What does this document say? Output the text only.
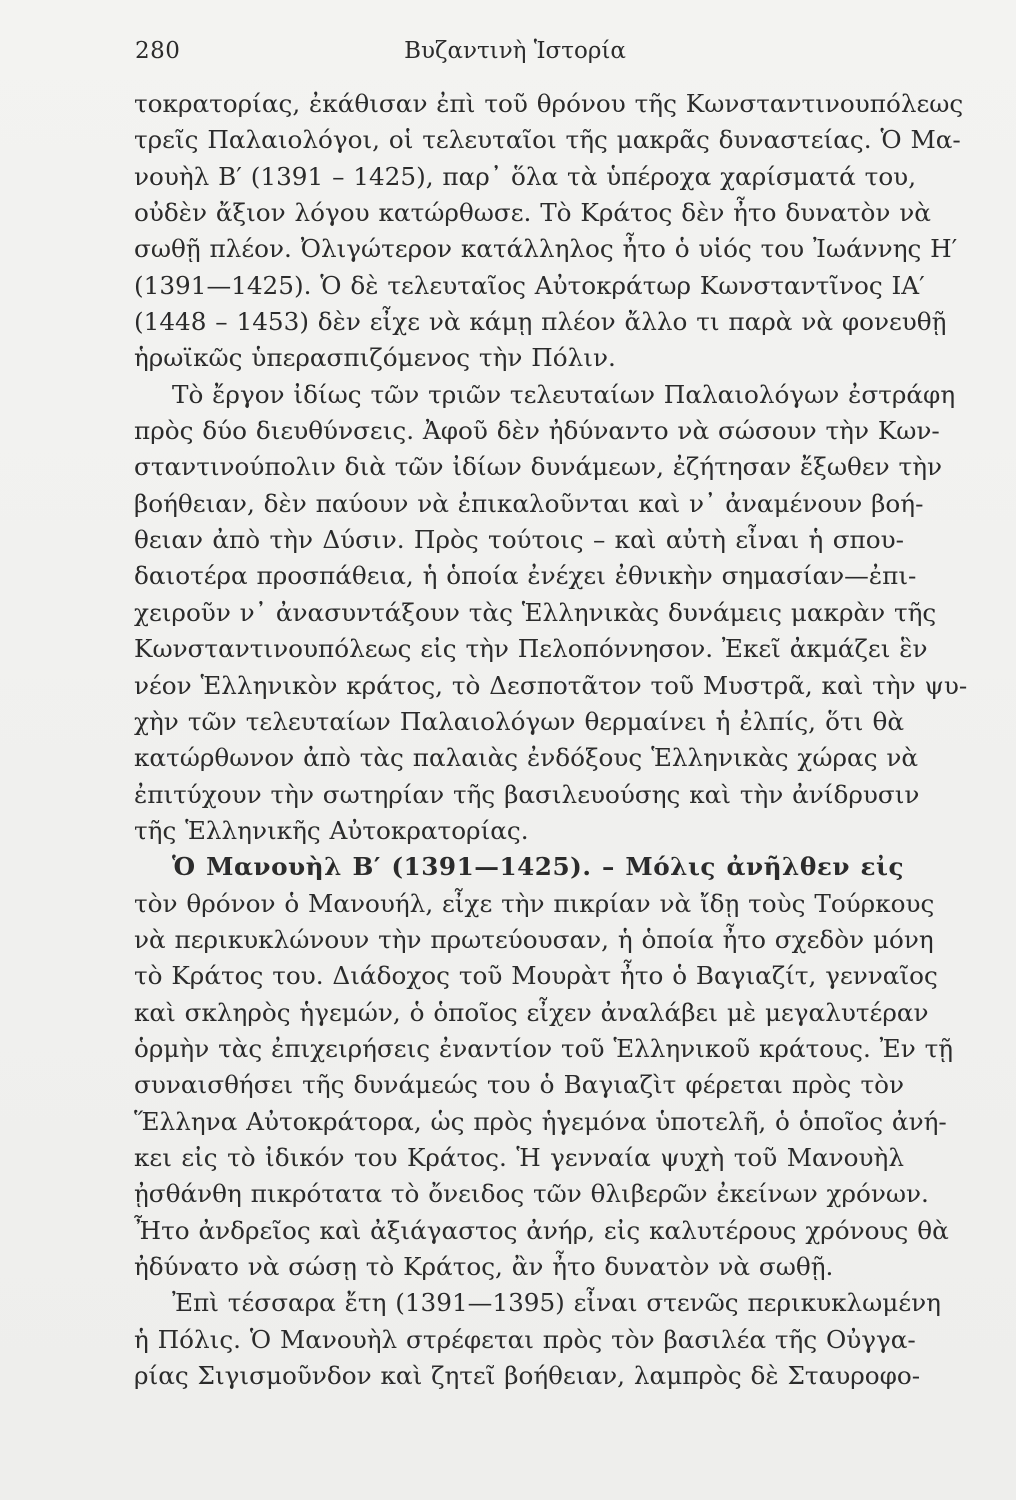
280	Βυζαντινὴ Ἱστορία
τοκρατορίας, ἐκάθισαν ἐπὶ τοῦ θρόνου τῆς Κωνσταντινουπόλεως
τρεῖς Παλαιολόγοι, οἱ τελευταῖοι τῆς μακρᾶς δυναστείας. Ὁ Μα-
νουὴλ Β′ (1391 – 1425), παρ᾽ ὅλα τὰ ὑπέροχα χαρίσματά του,
οὐδὲν ἄξιον λόγου κατώρθωσε. Τὸ Κράτος δὲν ἦτο δυνατὸν νὰ
σωθῇ πλέον. Ὀλιγώτερον κατάλληλος ἦτο ὁ υἱός του Ἰωάννης Η′
(1391—1425). Ὁ δὲ τελευταῖος Αὐτοκράτωρ Κωνσταντῖνος ΙΑ′
(1448 – 1453) δὲν εἶχε νὰ κάμῃ πλέον ἄλλο τι παρὰ νὰ φονευθῇ
ἡρωϊκῶς ὑπερασπιζόμενος τὴν Πόλιν.
Τὸ ἔργον ἰδίως τῶν τριῶν τελευταίων Παλαιολόγων ἐστράφη
πρὸς δύο διευθύνσεις. Ἀφοῦ δὲν ἠδύναντο νὰ σώσουν τὴν Κων-
σταντινούπολιν διὰ τῶν ἰδίων δυνάμεων, ἐζήτησαν ἔξωθεν τὴν
βοήθειαν, δὲν παύουν νὰ ἐπικαλοῦνται καὶ ν᾽ ἀναμένουν βοή-
θειαν ἀπὸ τὴν Δύσιν. Πρὸς τούτοις – καὶ αὐτὴ εἶναι ἡ σπου-
δαιοτέρα προσπάθεια, ἡ ὁποία ἐνέχει ἐθνικὴν σημασίαν—ἐπι-
χειροῦν ν᾽ ἀνασυντάξουν τὰς Ἑλληνικὰς δυνάμεις μακρὰν τῆς
Κωνσταντινουπόλεως εἰς τὴν Πελοπόννησον. Ἐκεῖ ἀκμάζει ἓν
νέον Ἑλληνικὸν κράτος, τὸ Δεσποτᾶτον τοῦ Μυστρᾶ, καὶ τὴν ψυ-
χὴν τῶν τελευταίων Παλαιολόγων θερμαίνει ἡ ἐλπίς, ὅτι θὰ
κατώρθωνον ἀπὸ τὰς παλαιὰς ἐνδόξους Ἑλληνικὰς χώρας νὰ
ἐπιτύχουν τὴν σωτηρίαν τῆς βασιλευούσης καὶ τὴν ἀνίδρυσιν
τῆς Ἑλληνικῆς Αὐτοκρατορίας.
Ὁ Μανουὴλ Β′ (1391—1425). – Μόλις ἀνῆλθεν εἰς
τὸν θρόνον ὁ Μανουήλ, εἶχε τὴν πικρίαν νὰ ἴδῃ τοὺς Τούρκους
νὰ περικυκλώνουν τὴν πρωτεύουσαν, ἡ ὁποία ἦτο σχεδὸν μόνη
τὸ Κράτος του. Διάδοχος τοῦ Μουρὰτ ἦτο ὁ Βαγιαζίτ, γενναῖος
καὶ σκληρὸς ἡγεμών, ὁ ὁποῖος εἶχεν ἀναλάβει μὲ μεγαλυτέραν
ὁρμὴν τὰς ἐπιχειρήσεις ἐναντίον τοῦ Ἑλληνικοῦ κράτους. Ἐν τῇ
συναισθήσει τῆς δυνάμεώς του ὁ Βαγιαζὶτ φέρεται πρὸς τὸν
Ἕλληνα Αὐτοκράτορα, ὡς πρὸς ἡγεμόνα ὑποτελῆ, ὁ ὁποῖος ἀνή-
κει εἰς τὸ ἰδικόν του Κράτος. Ἡ γενναία ψυχὴ τοῦ Μανουὴλ
ᾐσθάνθη πικρότατα τὸ ὄνειδος τῶν θλιβερῶν ἐκείνων χρόνων.
Ἦτο ἀνδρεῖος καὶ ἀξιάγαστος ἀνήρ, εἰς καλυτέρους χρόνους θὰ
ἠδύνατο νὰ σώσῃ τὸ Κράτος, ἂν ἦτο δυνατὸν νὰ σωθῇ.
Ἐπὶ τέσσαρα ἔτη (1391—1395) εἶναι στενῶς περικυκλωμένη
ἡ Πόλις. Ὁ Μανουὴλ στρέφεται πρὸς τὸν βασιλέα τῆς Οὐγγα-
ρίας Σιγισμοῦνδον καὶ ζητεῖ βοήθειαν, λαμπρὸς δὲ Σταυροφο-
